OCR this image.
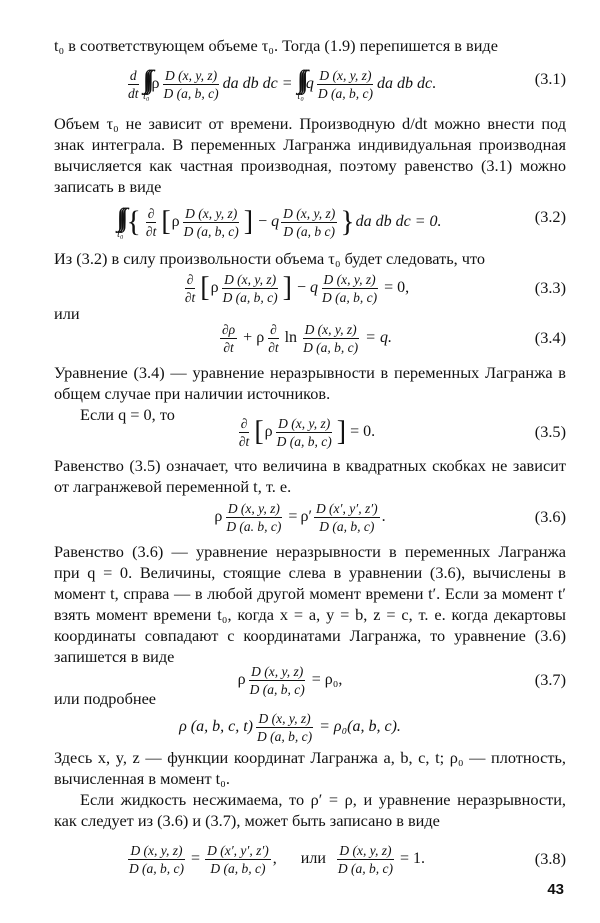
t₀ в соответствующем объеме τ₀. Тогда (1.9) перепишется в виде

$\frac{d}{dt}$ ∫∫∫
τ₀
ρ $\frac{D (x, y, z)}{D (a, b, c)}$ da db dc = ∫∫∫
τ₀
q $\frac{D (x, y, z)}{D (a, b, c)}$ da db dc .	(3.1)

Объем τ₀ не зависит от времени. Производную d/dt можно внести под знак интеграла. В переменных Лагранжа индивидуальная производная вычисляется как частная производная, поэтому равенство (3.1) можно записать в виде

∫∫∫
τ₀ { $\frac{\partial}{\partial t}$ [ ρ $\frac{D (x, y, z)}{D (a, b, c)}$ ] − q $\frac{D (x, y, z)}{\text{D (a, b c)}}$ } da db dc = 0.	(3.2)

Из (3.2) в силу произвольности объема τ₀ будет следовать, что

$\frac{\partial}{\partial t}$ [ ρ $\frac{D (x, y, z)}{D (a, b, c)}$ ] − q $\frac{D (x, y, z)}{D (a, b, c)} = 0$,	(3.3)

или

$\frac{\partial\rho}{\partial t} + \rho \frac{\partial}{\partial t}$ $\ln \frac{D (x, y, z)}{D (a, b, c)} = q$.	(3.4)

Уравнение (3.4) — уравнение неразрывности в переменных Лагранжа в общем случае при наличии источников.

Если q = 0, то

$\frac{\partial}{\partial t}$ [ ρ $\frac{D (x, y, z)}{D (a, b, c)}$ ] = 0.	(3.5)

Равенство (3.5) означает, что величина в квадратных скобках не зависит от лагранжевой переменной t, т. е.

ρ $\frac{D (x, y, z)}{D (a. b, c)} = \rho' \frac{D (x', y', z')}{D (a, b, c)}$ .	(3.6)

Равенство (3.6) — уравнение неразрывности в переменных Лагранжа при q = 0. Величины, стоящие слева в уравнении (3.6), вычислены в момент t, справа — в любой другой момент времени t′. Если за момент t′ взять момент времени t₀, когда x = a, y = b, z = c, т. е. когда декартовы координаты совпадают с координатами Лагранжа, то уравнение (3.6) запишется в виде

ρ $\frac{D (x, y, z)}{D (a, b, c)} = \rho_0$,	(3.7)

или подробнее

ρ (a, b, c, $t) \frac{D (x, y, z)}{D (a, b, c)} = \rho_0(a$, b, c).

Здесь x, y, z — функции координат Лагранжа a, b, c, t; ρ₀ — плотность, вычисленная в момент t₀.

Если жидкость несжимаема, то ρ′ = ρ, и уравнение неразрывности, как следует из (3.6) и (3.7), может быть записано в виде

$\frac{D (x, y, z)}{D (a, b, c)} = \frac{D (x', y', z')}{D (a, b, c)}$ ,      или $\frac{D (x, y, z)}{D (a, b, c)} = 1$.	(3.8)
43
